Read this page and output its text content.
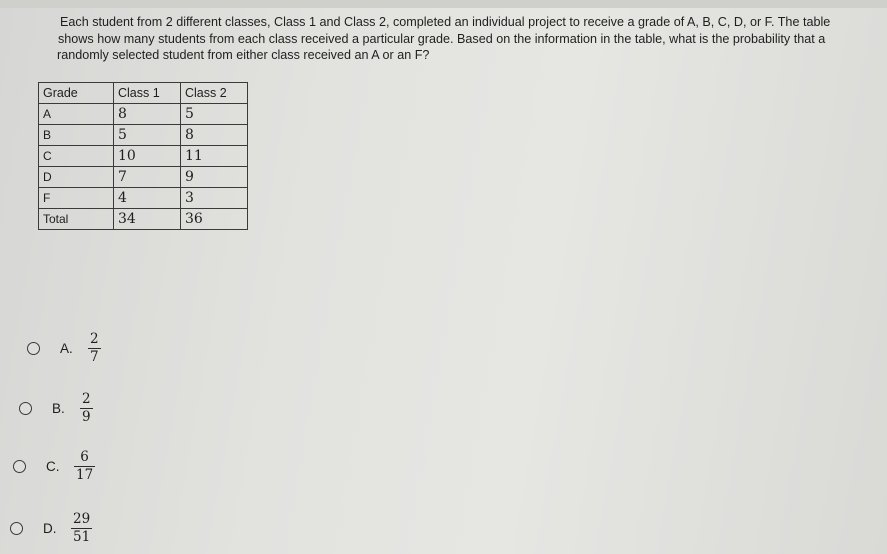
Each student from 2 different classes, Class 1 and Class 2, completed an individual project to receive a grade of A, B, C, D, or F. The table
shows how many students from each class received a particular grade. Based on the information in the table, what is the probability that a
randomly selected student from either class received an A or an F?
Grade	Class 1	Class 2
A	8	5
B	5	8
C	10	11
D	7	9
F	4	3
Total	34	36
A.	$\frac{2}{7}$
B.	$\frac{2}{9}$
C.	$\frac{6}{17}$
D.	$\frac{29}{51}$
